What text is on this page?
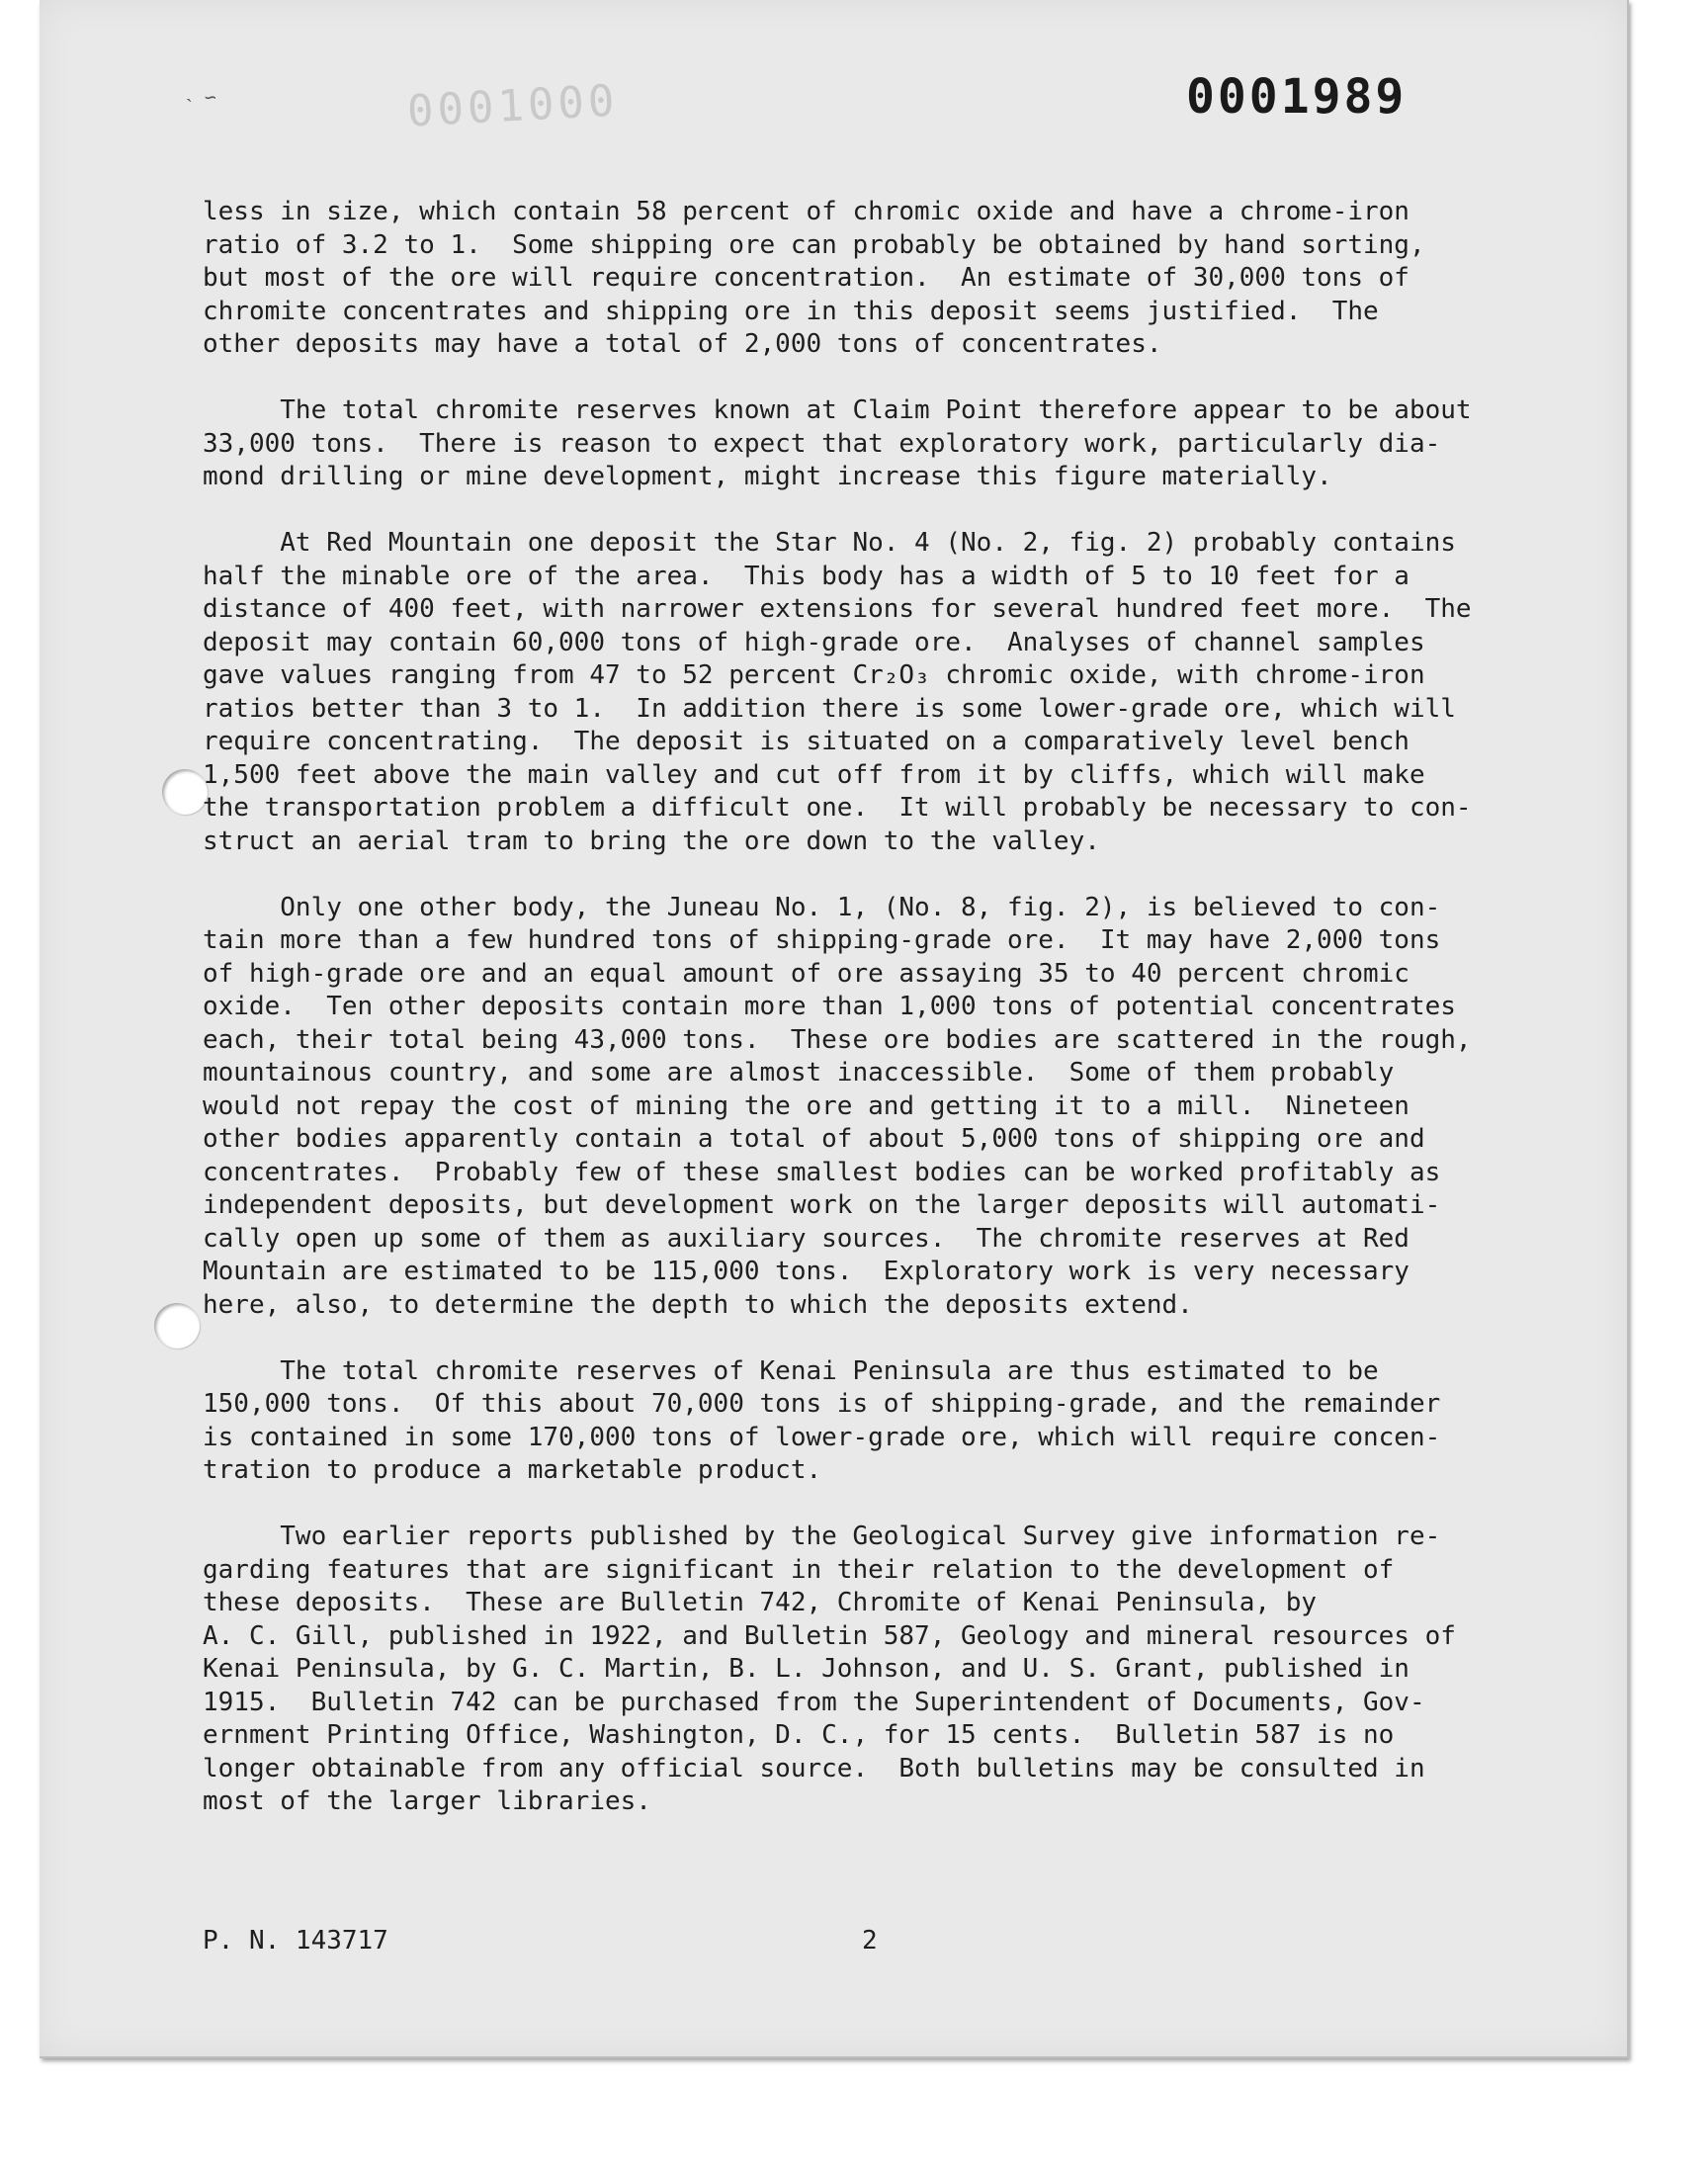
˴ ∽	0001000	0001989
less in size, which contain 58 percent of chromic oxide and have a chrome-iron
ratio of 3.2 to 1.  Some shipping ore can probably be obtained by hand sorting,
but most of the ore will require concentration.  An estimate of 30,000 tons of
chromite concentrates and shipping ore in this deposit seems justified.  The
other deposits may have a total of 2,000 tons of concentrates.
The total chromite reserves known at Claim Point therefore appear to be about
33,000 tons.  There is reason to expect that exploratory work, particularly dia-
mond drilling or mine development, might increase this figure materially.
At Red Mountain one deposit the Star No. 4 (No. 2, fig. 2) probably contains
half the minable ore of the area.  This body has a width of 5 to 10 feet for a
distance of 400 feet, with narrower extensions for several hundred feet more.  The
deposit may contain 60,000 tons of high-grade ore.  Analyses of channel samples
gave values ranging from 47 to 52 percent Cr₂O₃ chromic oxide, with chrome-iron
ratios better than 3 to 1.  In addition there is some lower-grade ore, which will
require concentrating.  The deposit is situated on a comparatively level bench
1,500 feet above the main valley and cut off from it by cliffs, which will make
the transportation problem a difficult one.  It will probably be necessary to con-
struct an aerial tram to bring the ore down to the valley.
Only one other body, the Juneau No. 1, (No. 8, fig. 2), is believed to con-
tain more than a few hundred tons of shipping-grade ore.  It may have 2,000 tons
of high-grade ore and an equal amount of ore assaying 35 to 40 percent chromic
oxide.  Ten other deposits contain more than 1,000 tons of potential concentrates
each, their total being 43,000 tons.  These ore bodies are scattered in the rough,
mountainous country, and some are almost inaccessible.  Some of them probably
would not repay the cost of mining the ore and getting it to a mill.  Nineteen
other bodies apparently contain a total of about 5,000 tons of shipping ore and
concentrates.  Probably few of these smallest bodies can be worked profitably as
independent deposits, but development work on the larger deposits will automati-
cally open up some of them as auxiliary sources.  The chromite reserves at Red
Mountain are estimated to be 115,000 tons.  Exploratory work is very necessary
here, also, to determine the depth to which the deposits extend.
The total chromite reserves of Kenai Peninsula are thus estimated to be
150,000 tons.  Of this about 70,000 tons is of shipping-grade, and the remainder
is contained in some 170,000 tons of lower-grade ore, which will require concen-
tration to produce a marketable product.
Two earlier reports published by the Geological Survey give information re-
garding features that are significant in their relation to the development of
these deposits.  These are Bulletin 742, Chromite of Kenai Peninsula, by
A. C. Gill, published in 1922, and Bulletin 587, Geology and mineral resources of
Kenai Peninsula, by G. C. Martin, B. L. Johnson, and U. S. Grant, published in
1915.  Bulletin 742 can be purchased from the Superintendent of Documents, Gov-
ernment Printing Office, Washington, D. C., for 15 cents.  Bulletin 587 is no
longer obtainable from any official source.  Both bulletins may be consulted in
most of the larger libraries.
P. N. 143717	2
